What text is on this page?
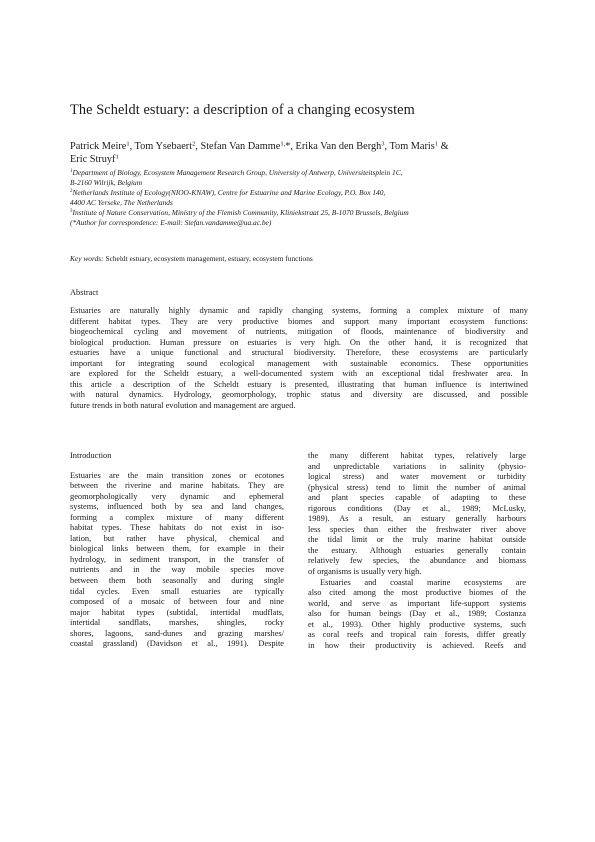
The Scheldt estuary: a description of a changing ecosystem
Patrick Meire$^1$, Tom Ysebaert$^2$, Stefan Van Damme$^{1,}$*, Erika Van den Bergh$^3$, Tom Maris$^1$ &
Eric Struyf$^1$
$^1$Department of Biology, Ecosystem Management Research Group, University of Antwerp, Universiteitsplein 1C,
B-2160 Wilrijk, Belgium
$^2$Netherlands Institute of Ecology(NIOO-KNAW), Centre for Estuarine and Marine Ecology, P.O. Box 140,
4400 AC Yerseke, The Netherlands
$^3$Institute of Nature Conservation, Ministry of the Flemish Community, Kliniekstraat 25, B-1070 Brussels, Belgium
(*Author for correspondence: E-mail: Stefan.vandamme@ua.ac.be)
Key words: Scheldt estuary, ecosystem management, estuary, ecosystem functions
Abstract
Estuaries are naturally highly dynamic and rapidly changing systems, forming a complex mixture of many
different habitat types. They are very productive biomes and support many important ecosystem functions:
biogeochemical cycling and movement of nutrients, mitigation of floods, maintenance of biodiversity and
biological production. Human pressure on estuaries is very high. On the other hand, it is recognized that
estuaries have a unique functional and structural biodiversity. Therefore, these ecosystems are particularly
important for integrating sound ecological management with sustainable economics. These opportunities
are explored for the Scheldt estuary, a well-documented system with an exceptional tidal freshwater area. In
this article a description of the Scheldt estuary is presented, illustrating that human influence is intertwined
with natural dynamics. Hydrology, geomorphology, trophic status and diversity are discussed, and possible
future trends in both natural evolution and management are argued.
Introduction
Estuaries are the main transition zones or ecotones
between the riverine and marine habitats. They are
geomorphologically very dynamic and ephemeral
systems, influenced both by sea and land changes,
forming a complex mixture of many different
habitat types. These habitats do not exist in iso-
lation, but rather have physical, chemical and
biological links between them, for example in their
hydrology, in sediment transport, in the transfer of
nutrients and in the way mobile species move
between them both seasonally and during single
tidal cycles. Even small estuaries are typically
composed of a mosaic of between four and nine
major habitat types (subtidal, intertidal mudflats,
intertidal sandflats, marshes, shingles, rocky
shores, lagoons, sand-dunes and grazing marshes/
coastal grassland) (Davidson et al., 1991). Despite
the many different habitat types, relatively large
and unpredictable variations in salinity (physio-
logical stress) and water movement or turbidity
(physical stress) tend to limit the number of animal
and plant species capable of adapting to these
rigorous conditions (Day et al., 1989; McLusky,
1989). As a result, an estuary generally harbours
less species than either the freshwater river above
the tidal limit or the truly marine habitat outside
the estuary. Although estuaries generally contain
relatively few species, the abundance and biomass
of organisms is usually very high.
Estuaries and coastal marine ecosystems are
also cited among the most productive biomes of the
world, and serve as important life-support systems
also for human beings (Day et al., 1989; Costanza
et al., 1993). Other highly productive systems, such
as coral reefs and tropical rain forests, differ greatly
in how their productivity is achieved. Reefs and
